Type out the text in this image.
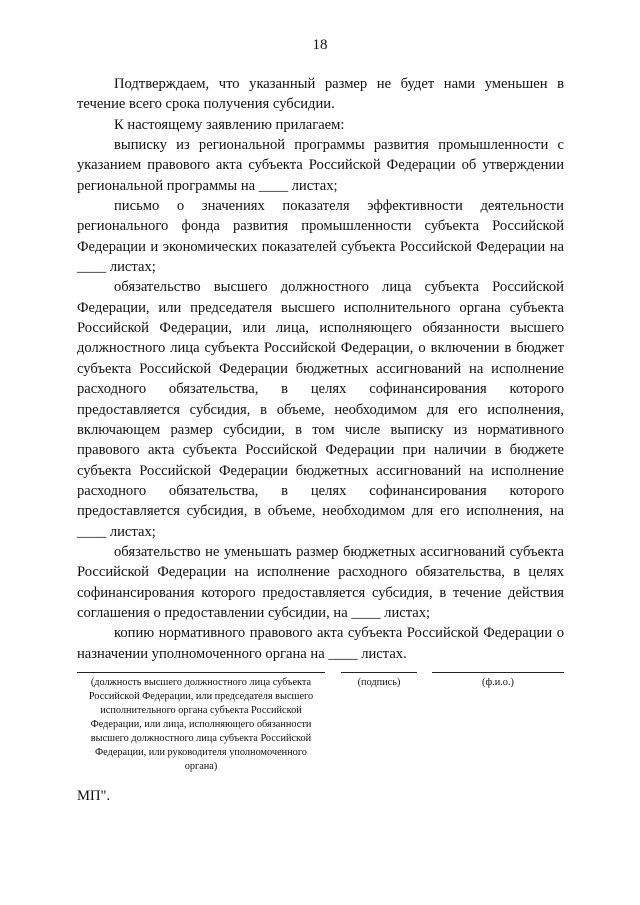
18

Подтверждаем, что указанный размер не будет нами уменьшен в течение всего срока получения субсидии.

К настоящему заявлению прилагаем:

выписку из региональной программы развития промышленности с указанием правового акта субъекта Российской Федерации об утверждении региональной программы на ____ листах;

письмо о значениях показателя эффективности деятельности регионального фонда развития промышленности субъекта Российской Федерации и экономических показателей субъекта Российской Федерации на ____ листах;

обязательство высшего должностного лица субъекта Российской Федерации, или председателя высшего исполнительного органа субъекта Российской Федерации, или лица, исполняющего обязанности высшего должностного лица субъекта Российской Федерации, о включении в бюджет субъекта Российской Федерации бюджетных ассигнований на исполнение расходного обязательства, в целях софинансирования которого предоставляется субсидия, в объеме, необходимом для его исполнения, включающем размер субсидии, в том числе выписку из нормативного правового акта субъекта Российской Федерации при наличии в бюджете субъекта Российской Федерации бюджетных ассигнований на исполнение расходного обязательства, в целях софинансирования которого предоставляется субсидия, в объеме, необходимом для его исполнения, на ____ листах;

обязательство не уменьшать размер бюджетных ассигнований субъекта Российской Федерации на исполнение расходного обязательства, в целях софинансирования которого предоставляется субсидия, в течение действия соглашения о предоставлении субсидии, на ____ листах;

копию нормативного правового акта субъекта Российской Федерации о назначении уполномоченного органа на ____ листах.

(должность высшего должностного лица субъекта Российской Федерации, или председателя высшего исполнительного органа субъекта Российской Федерации, или лица, исполняющего обязанности высшего должностного лица субъекта Российской Федерации, или руководителя уполномоченного органа)
(подпись)	(ф.и.о.)
МП".
